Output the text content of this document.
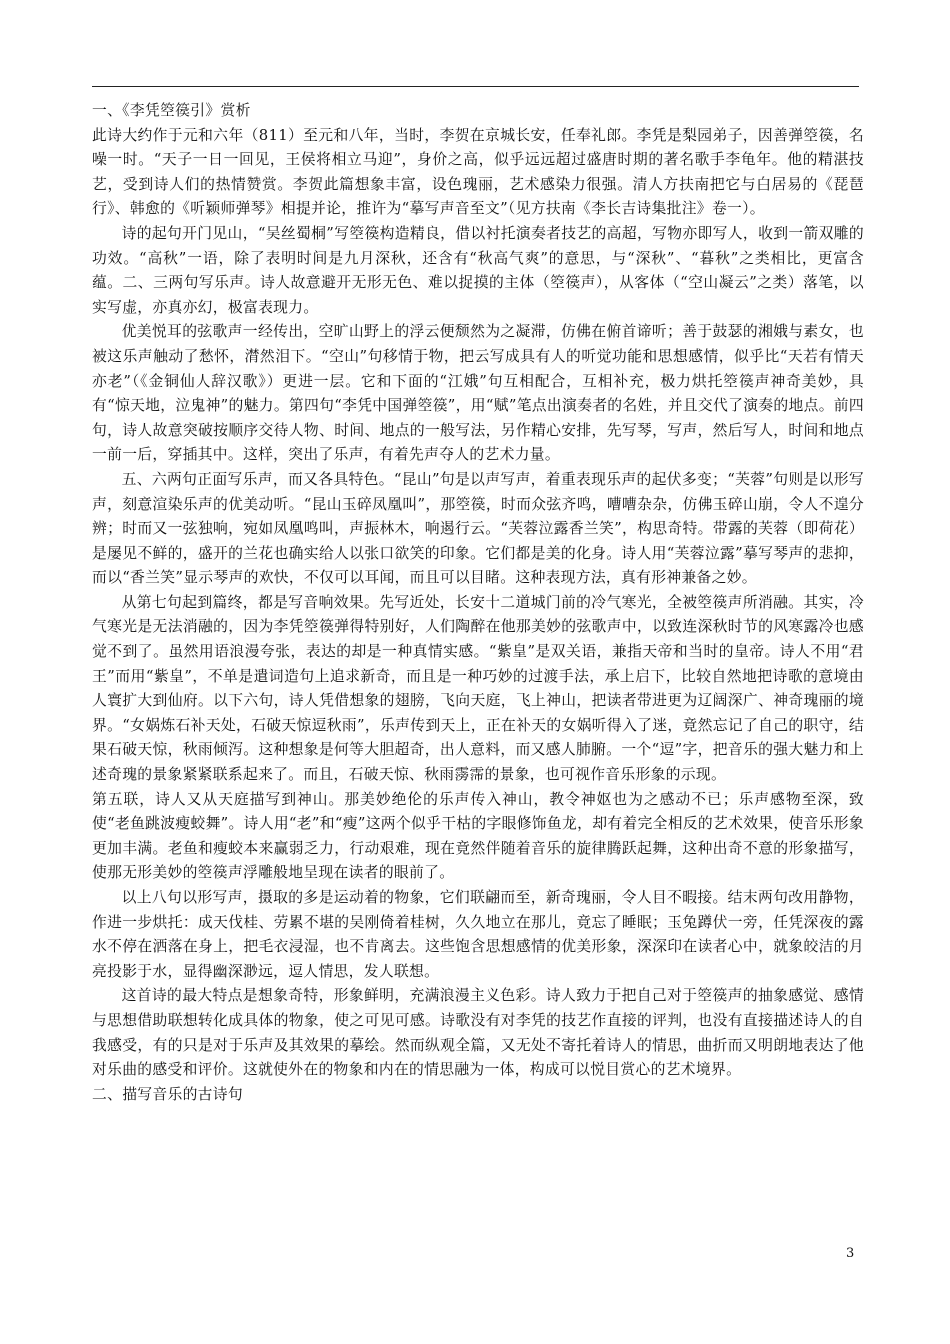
一、《李凭箜篌引》赏析

此诗大约作于元和六年（811）至元和八年，当时，李贺在京城长安，任奉礼郎。李凭是梨园弟子，因善弹箜篌，名噪一时。“天子一日一回见，王侯将相立马迎”，身价之高，似乎远远超过盛唐时期的著名歌手李龟年。他的精湛技艺，受到诗人们的热情赞赏。李贺此篇想象丰富，设色瑰丽，艺术感染力很强。清人方扶南把它与白居易的《琵琶行》、韩愈的《听颖师弹琴》相提并论，推许为“摹写声音至文”（见方扶南《李长吉诗集批注》卷一）。

诗的起句开门见山，“吴丝蜀桐”写箜篌构造精良，借以衬托演奏者技艺的高超，写物亦即写人，收到一箭双雕的功效。“高秋”一语，除了表明时间是九月深秋，还含有“秋高气爽”的意思，与“深秋”、“暮秋”之类相比，更富含蕴。二、三两句写乐声。诗人故意避开无形无色、难以捉摸的主体（箜篌声），从客体（“空山凝云”之类）落笔，以实写虚，亦真亦幻，极富表现力。

优美悦耳的弦歌声一经传出，空旷山野上的浮云便颓然为之凝滞，仿佛在俯首谛听；善于鼓瑟的湘娥与素女，也被这乐声触动了愁怀，潸然泪下。“空山”句移情于物，把云写成具有人的听觉功能和思想感情，似乎比“天若有情天亦老”（《金铜仙人辞汉歌》）更进一层。它和下面的“江娥”句互相配合，互相补充，极力烘托箜篌声神奇美妙，具有“惊天地，泣鬼神”的魅力。第四句“李凭中国弹箜篌”，用“赋”笔点出演奏者的名姓，并且交代了演奏的地点。前四句，诗人故意突破按顺序交待人物、时间、地点的一般写法，另作精心安排，先写琴，写声，然后写人，时间和地点一前一后，穿插其中。这样，突出了乐声，有着先声夺人的艺术力量。

五、六两句正面写乐声，而又各具特色。“昆山”句是以声写声，着重表现乐声的起伏多变；“芙蓉”句则是以形写声，刻意渲染乐声的优美动听。“昆山玉碎凤凰叫”，那箜篌，时而众弦齐鸣，嘈嘈杂杂，仿佛玉碎山崩，令人不遑分辨；时而又一弦独响，宛如凤凰鸣叫，声振林木，响遏行云。“芙蓉泣露香兰笑”，构思奇特。带露的芙蓉（即荷花）是屡见不鲜的，盛开的兰花也确实给人以张口欲笑的印象。它们都是美的化身。诗人用“芙蓉泣露”摹写琴声的悲抑，而以“香兰笑”显示琴声的欢快，不仅可以耳闻，而且可以目睹。这种表现方法，真有形神兼备之妙。

从第七句起到篇终，都是写音响效果。先写近处，长安十二道城门前的冷气寒光，全被箜篌声所消融。其实，冷气寒光是无法消融的，因为李凭箜篌弹得特别好，人们陶醉在他那美妙的弦歌声中，以致连深秋时节的风寒露冷也感觉不到了。虽然用语浪漫夸张，表达的却是一种真情实感。“紫皇”是双关语，兼指天帝和当时的皇帝。诗人不用“君王”而用“紫皇”，不单是遣词造句上追求新奇，而且是一种巧妙的过渡手法，承上启下，比较自然地把诗歌的意境由人寰扩大到仙府。以下六句，诗人凭借想象的翅膀，飞向天庭，飞上神山，把读者带进更为辽阔深广、神奇瑰丽的境界。“女娲炼石补天处，石破天惊逗秋雨”，乐声传到天上，正在补天的女娲听得入了迷，竟然忘记了自己的职守，结果石破天惊，秋雨倾泻。这种想象是何等大胆超奇，出人意料，而又感人肺腑。一个“逗”字，把音乐的强大魅力和上述奇瑰的景象紧紧联系起来了。而且，石破天惊、秋雨霶霈的景象，也可视作音乐形象的示现。

第五联，诗人又从天庭描写到神山。那美妙绝伦的乐声传入神山，教令神妪也为之感动不已；乐声感物至深，致使“老鱼跳波瘦蛟舞”。诗人用“老”和“瘦”这两个似乎干枯的字眼修饰鱼龙，却有着完全相反的艺术效果，使音乐形象更加丰满。老鱼和瘦蛟本来赢弱乏力，行动艰难，现在竟然伴随着音乐的旋律腾跃起舞，这种出奇不意的形象描写，使那无形美妙的箜篌声浮雕般地呈现在读者的眼前了。

以上八句以形写声，摄取的多是运动着的物象，它们联翩而至，新奇瑰丽，令人目不暇接。结末两句改用静物，作进一步烘托：成天伐桂、劳累不堪的吴刚倚着桂树，久久地立在那儿，竟忘了睡眠；玉兔蹲伏一旁，任凭深夜的露水不停在洒落在身上，把毛衣浸湿，也不肯离去。这些饱含思想感情的优美形象，深深印在读者心中，就象皎洁的月亮投影于水，显得幽深渺远，逗人情思，发人联想。

这首诗的最大特点是想象奇特，形象鲜明，充满浪漫主义色彩。诗人致力于把自己对于箜篌声的抽象感觉、感情与思想借助联想转化成具体的物象，使之可见可感。诗歌没有对李凭的技艺作直接的评判，也没有直接描述诗人的自我感受，有的只是对于乐声及其效果的摹绘。然而纵观全篇，又无处不寄托着诗人的情思，曲折而又明朗地表达了他对乐曲的感受和评价。这就使外在的物象和内在的情思融为一体，构成可以悦目赏心的艺术境界。

二、描写音乐的古诗句

3
